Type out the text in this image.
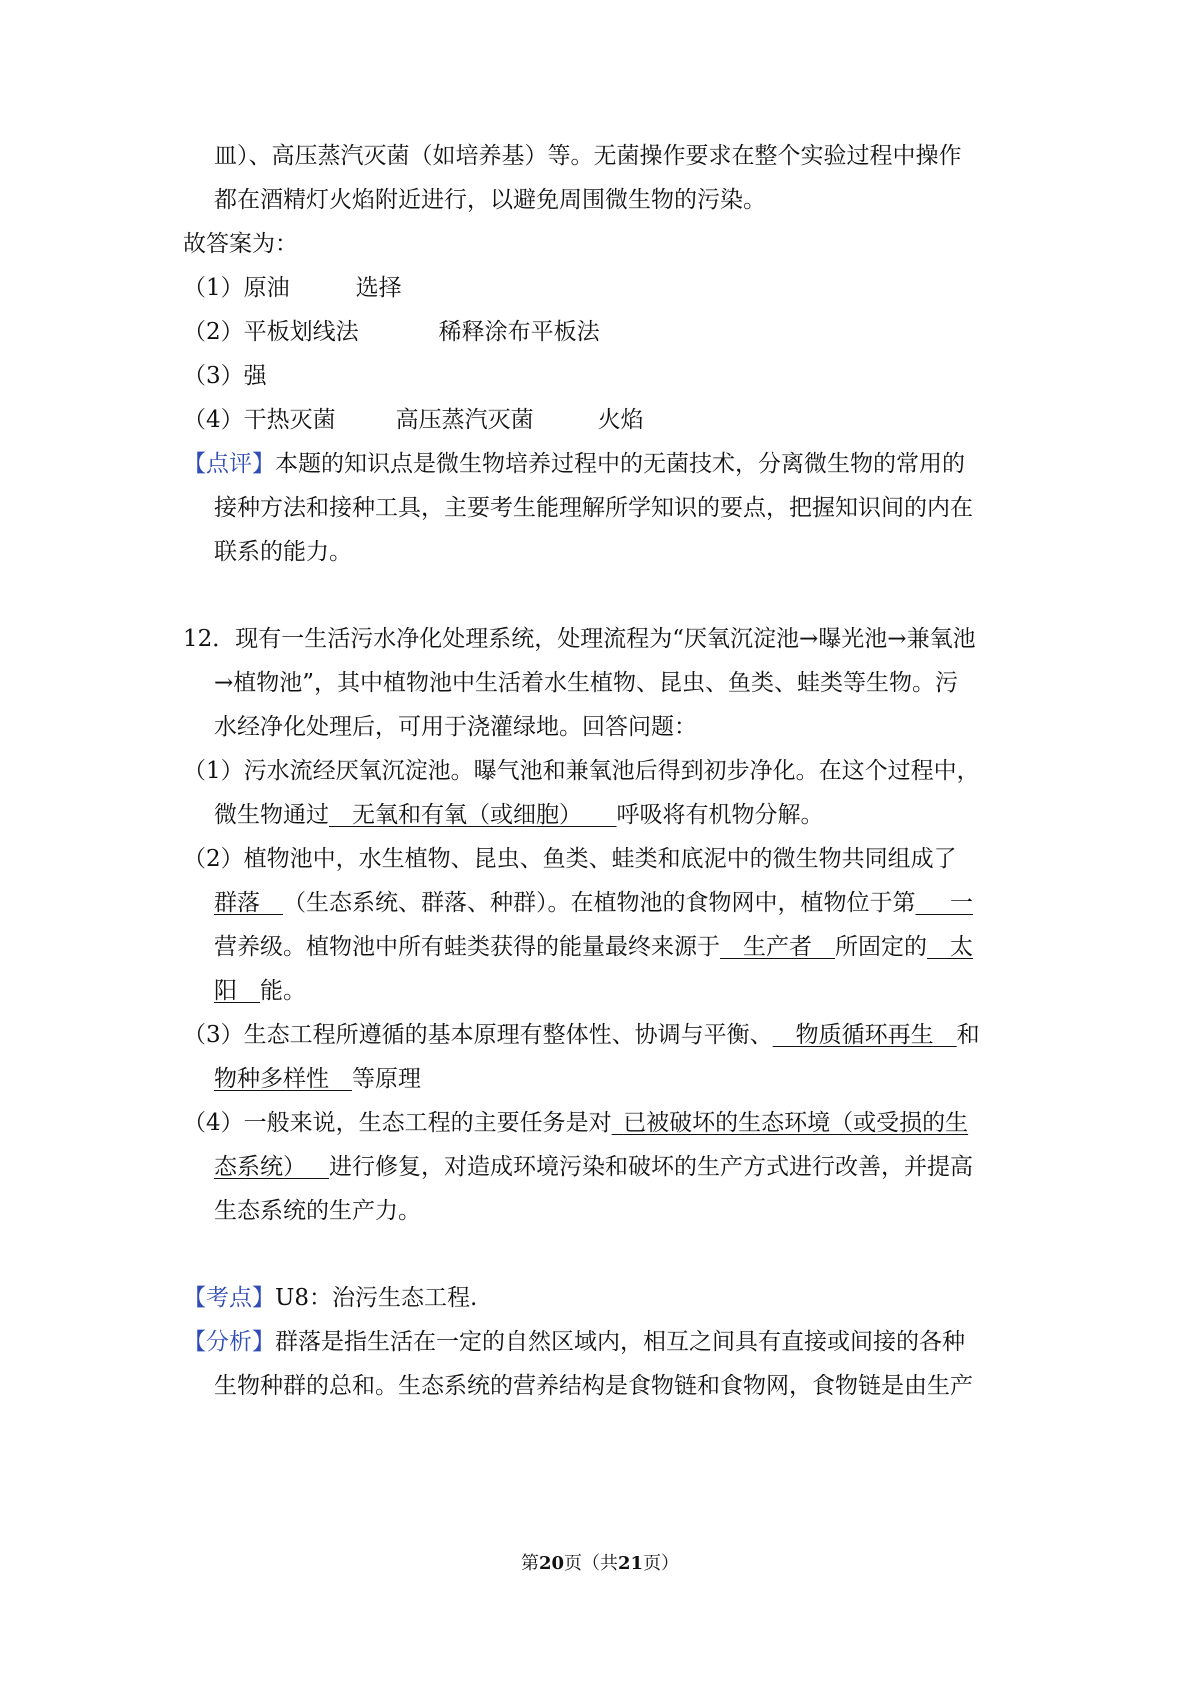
皿）、高压蒸汽灭菌（如培养基）等。无菌操作要求在整个实验过程中操作
都在酒精灯火焰附近进行，以避免周围微生物的污染。
故答案为：
（1）原油	选择
（2）平板划线法	稀释涂布平板法
（3）强
（4）干热灭菌	高压蒸汽灭菌	火焰
【点评】本题的知识点是微生物培养过程中的无菌技术，分离微生物的常用的
接种方法和接种工具，主要考生能理解所学知识的要点，把握知识间的内在
联系的能力。
12．现有一生活污水净化处理系统，处理流程为“厌氧沉淀池→曝光池→兼氧池
→植物池”，其中植物池中生活着水生植物、昆虫、鱼类、蛙类等生物。污
水经净化处理后，可用于浇灌绿地。回答问题：
（1）污水流经厌氧沉淀池。曝气池和兼氧池后得到初步净化。在这个过程中，
微生物通过  无氧和有氧（或细胞）   呼吸将有机物分解。
（2）植物池中，水生植物、昆虫、鱼类、蛙类和底泥中的微生物共同组成了
群落  （生态系统、群落、种群）。在植物池的食物网中，植物位于第   一
营养级。植物池中所有蛙类获得的能量最终来源于  生产者  所固定的  太
阳  能。
（3）生态工程所遵循的基本原理有整体性、协调与平衡、  物质循环再生  和
物种多样性  等原理
（4）一般来说，生态工程的主要任务是对  已被破坏的生态环境（或受损的生
态系统）  进行修复，对造成环境污染和破坏的生产方式进行改善，并提高
生态系统的生产力。
【考点】U8：治污生态工程.
【分析】群落是指生活在一定的自然区域内，相互之间具有直接或间接的各种
生物种群的总和。生态系统的营养结构是食物链和食物网，食物链是由生产
第20页（共21页）
